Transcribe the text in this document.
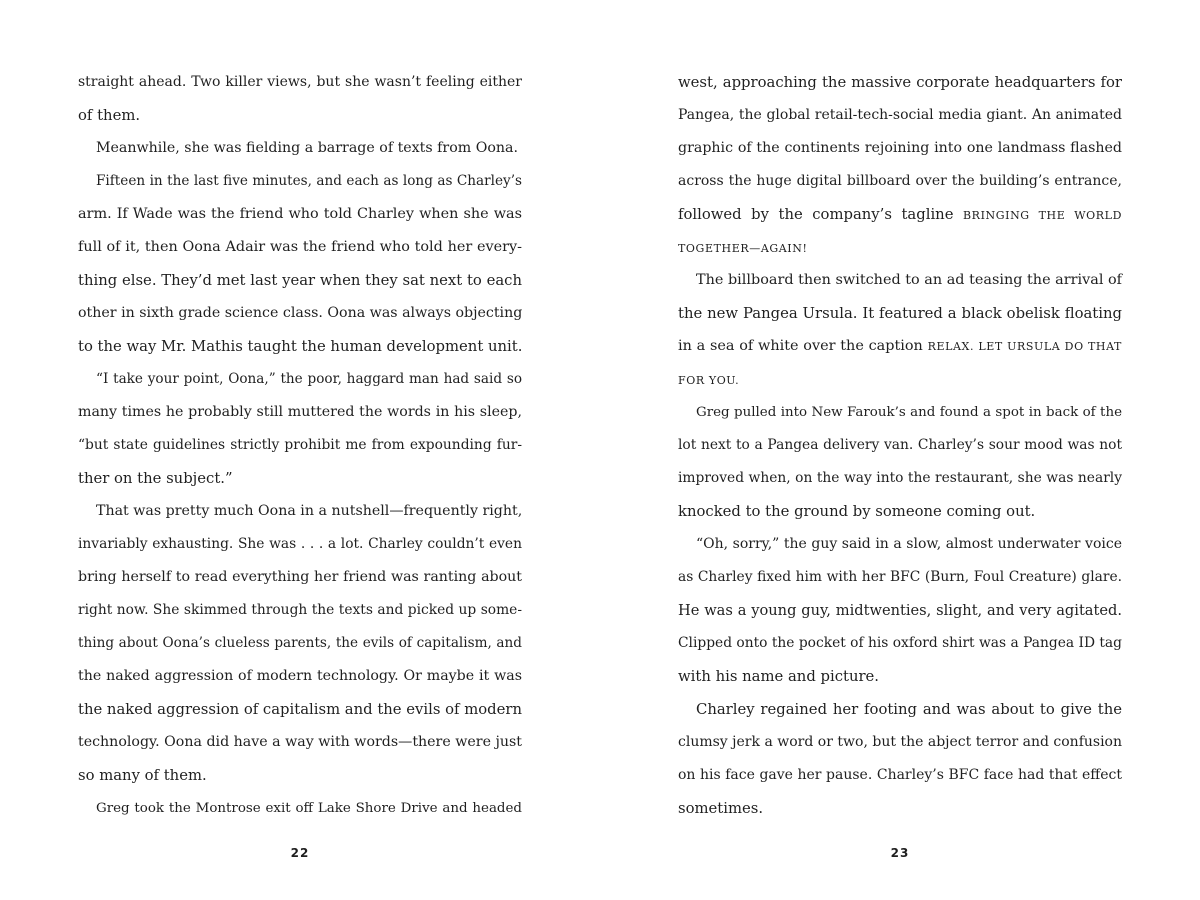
straight ahead. Two killer views, but she wasn’t feeling either
of them.
Meanwhile, she was fielding a barrage of texts from Oona.
Fifteen in the last five minutes, and each as long as Charley’s
arm. If Wade was the friend who told Charley when she was
full of it, then Oona Adair was the friend who told her every-
thing else. They’d met last year when they sat next to each
other in sixth grade science class. Oona was always objecting
to the way Mr. Mathis taught the human development unit.
“I take your point, Oona,” the poor, haggard man had said so
many times he probably still muttered the words in his sleep,
“but state guidelines strictly prohibit me from expounding fur-
ther on the subject.”
That was pretty much Oona in a nutshell—frequently right,
invariably exhausting. She was . . . a lot. Charley couldn’t even
bring herself to read everything her friend was ranting about
right now. She skimmed through the texts and picked up some-
thing about Oona’s clueless parents, the evils of capitalism, and
the naked aggression of modern technology. Or maybe it was
the naked aggression of capitalism and the evils of modern
technology. Oona did have a way with words—there were just
so many of them.
Greg took the Montrose exit off Lake Shore Drive and headed
22
west, approaching the massive corporate headquarters for
Pangea, the global retail-tech-social media giant. An animated
graphic of the continents rejoining into one landmass flashed
across the huge digital billboard over the building’s entrance,
followed by the company’s tagline BRINGING THE WORLD
TOGETHER—AGAIN!
The billboard then switched to an ad teasing the arrival of
the new Pangea Ursula. It featured a black obelisk floating
in a sea of white over the caption RELAX. LET URSULA DO THAT
FOR YOU.
Greg pulled into New Farouk’s and found a spot in back of the
lot next to a Pangea delivery van. Charley’s sour mood was not
improved when, on the way into the restaurant, she was nearly
knocked to the ground by someone coming out.
“Oh, sorry,” the guy said in a slow, almost underwater voice
as Charley fixed him with her BFC (Burn, Foul Creature) glare.
He was a young guy, midtwenties, slight, and very agitated.
Clipped onto the pocket of his oxford shirt was a Pangea ID tag
with his name and picture.
Charley regained her footing and was about to give the
clumsy jerk a word or two, but the abject terror and confusion
on his face gave her pause. Charley’s BFC face had that effect
sometimes.
23
